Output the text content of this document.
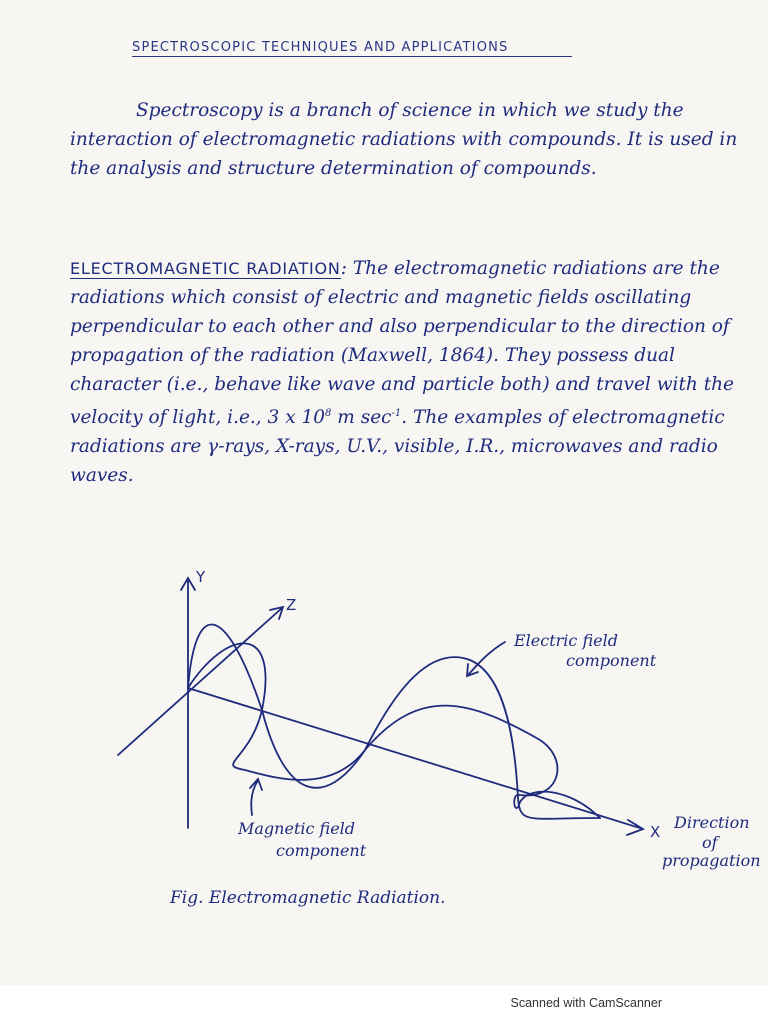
SPECTROSCOPIC TECHNIQUES AND APPLICATIONS
Spectroscopy is a branch of science in which we study the interaction of electromagnetic radiations with compounds. It is used in the analysis and structure determination of compounds.
ELECTROMAGNETIC RADIATION: The electromagnetic radiations are the radiations which consist of electric and magnetic fields oscillating perpendicular to each other and also perpendicular to the direction of propagation of the radiation (Maxwell, 1864). They possess dual character (i.e., behave like wave and particle both) and travel with the velocity of light, i.e., 3 x $10^8$ m $\sec^{-1}$. The examples of electromagnetic radiations are γ-rays, X-rays, U.V., visible, I.R., microwaves and radio waves.
Y
Z
X
Electric field
component
Magnetic field
component
Direction
of
propagation
Fig. Electromagnetic Radiation.
Scanned with CamScanner
